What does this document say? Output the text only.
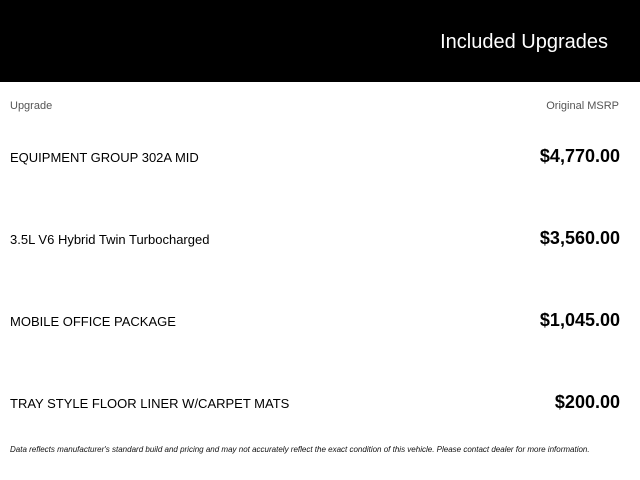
Included Upgrades
Upgrade	Original MSRP
EQUIPMENT GROUP 302A MID	$4,770.00
3.5L V6 Hybrid Twin Turbocharged	$3,560.00
MOBILE OFFICE PACKAGE	$1,045.00
TRAY STYLE FLOOR LINER W/CARPET MATS	$200.00
Data reflects manufacturer's standard build and pricing and may not accurately reflect the exact condition of this vehicle. Please contact dealer for more information.
